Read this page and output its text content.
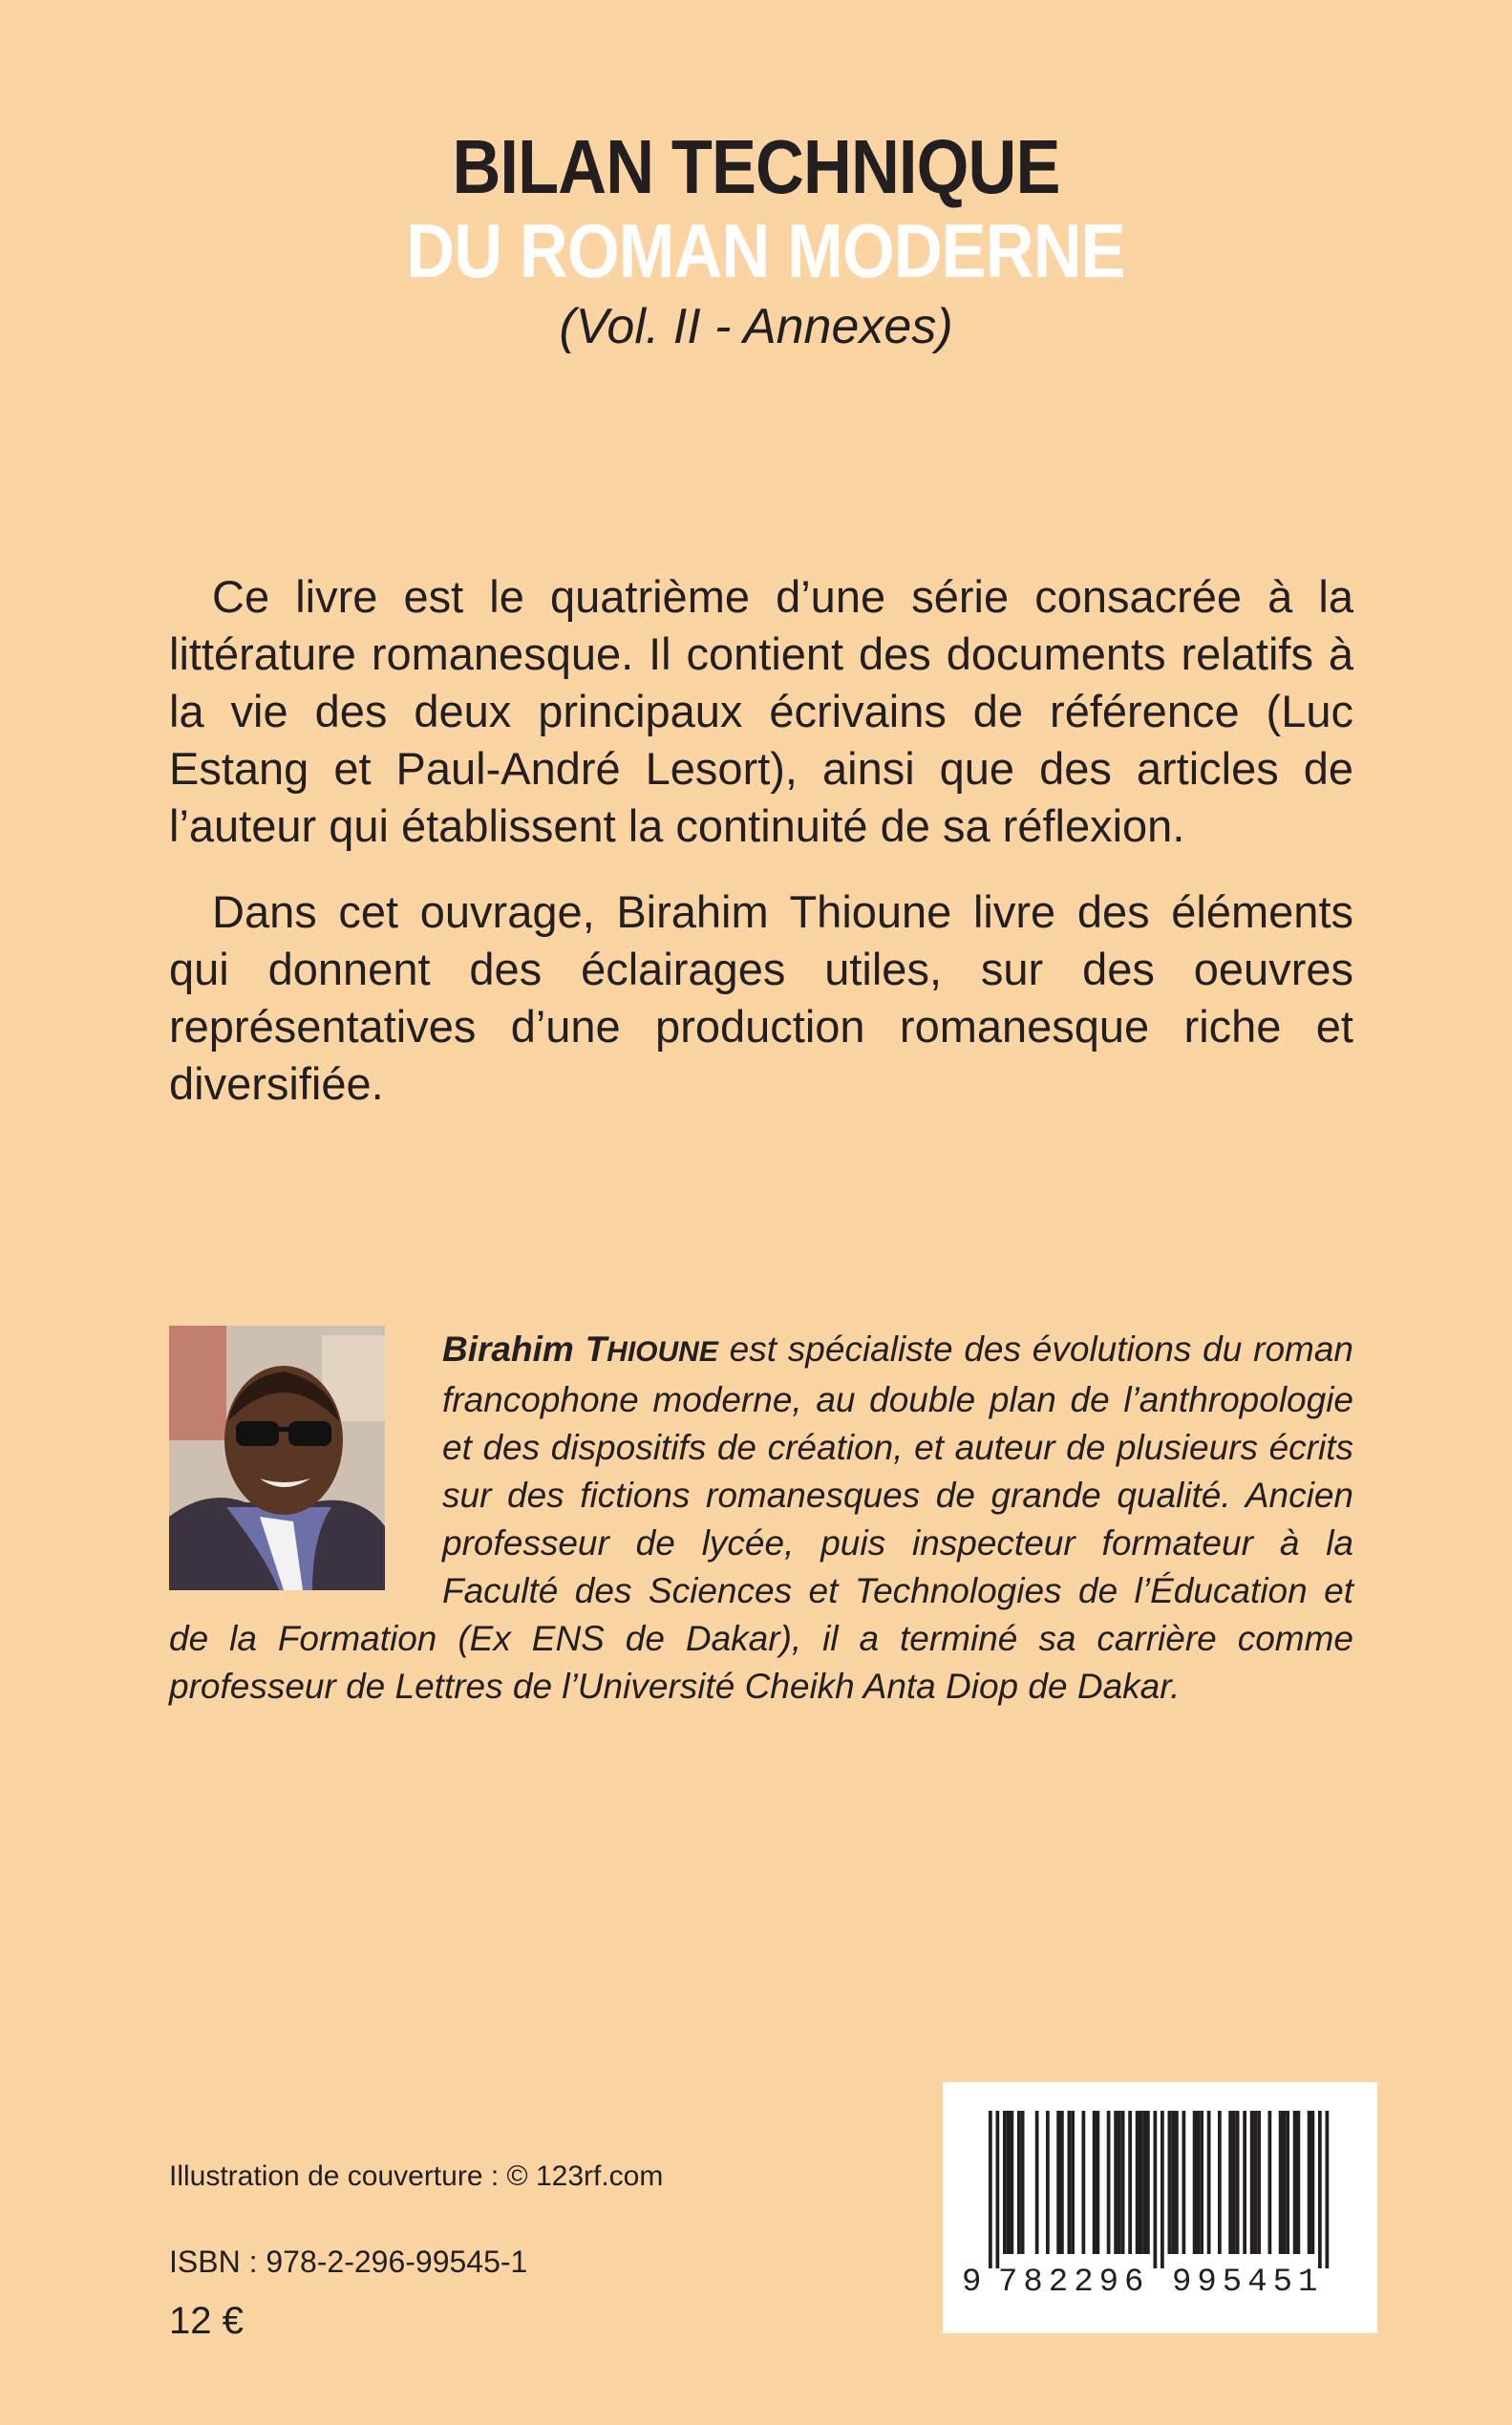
BILAN TECHNIQUE
DU ROMAN MODERNE
(Vol. II - Annexes)

Ce livre est le quatrième d’une série consacrée à la littérature romanesque. Il contient des documents relatifs à la vie des deux principaux écrivains de référence (Luc Estang et Paul-André Lesort), ainsi que des articles de l’auteur qui établissent la continuité de sa réflexion.

Dans cet ouvrage, Birahim Thioune livre des éléments qui donnent des éclairages utiles, sur des oeuvres représentatives d’une production romanesque riche et diversifiée.

Birahim THIOUNE est spécialiste des évolutions du roman francophone moderne, au double plan de l’anthropologie et des dispositifs de création, et auteur de plusieurs écrits sur des fictions romanesques de grande qualité. Ancien professeur de lycée, puis inspecteur formateur à la Faculté des Sciences et Technologies de l’Éducation et de la Formation (Ex ENS de Dakar), il a terminé sa carrière comme professeur de Lettres de l’Université Cheikh Anta Diop de Dakar.
Illustration de couverture : © 123rf.com
ISBN : 978-2-296-99545-1
12 €
9 782296 995451
